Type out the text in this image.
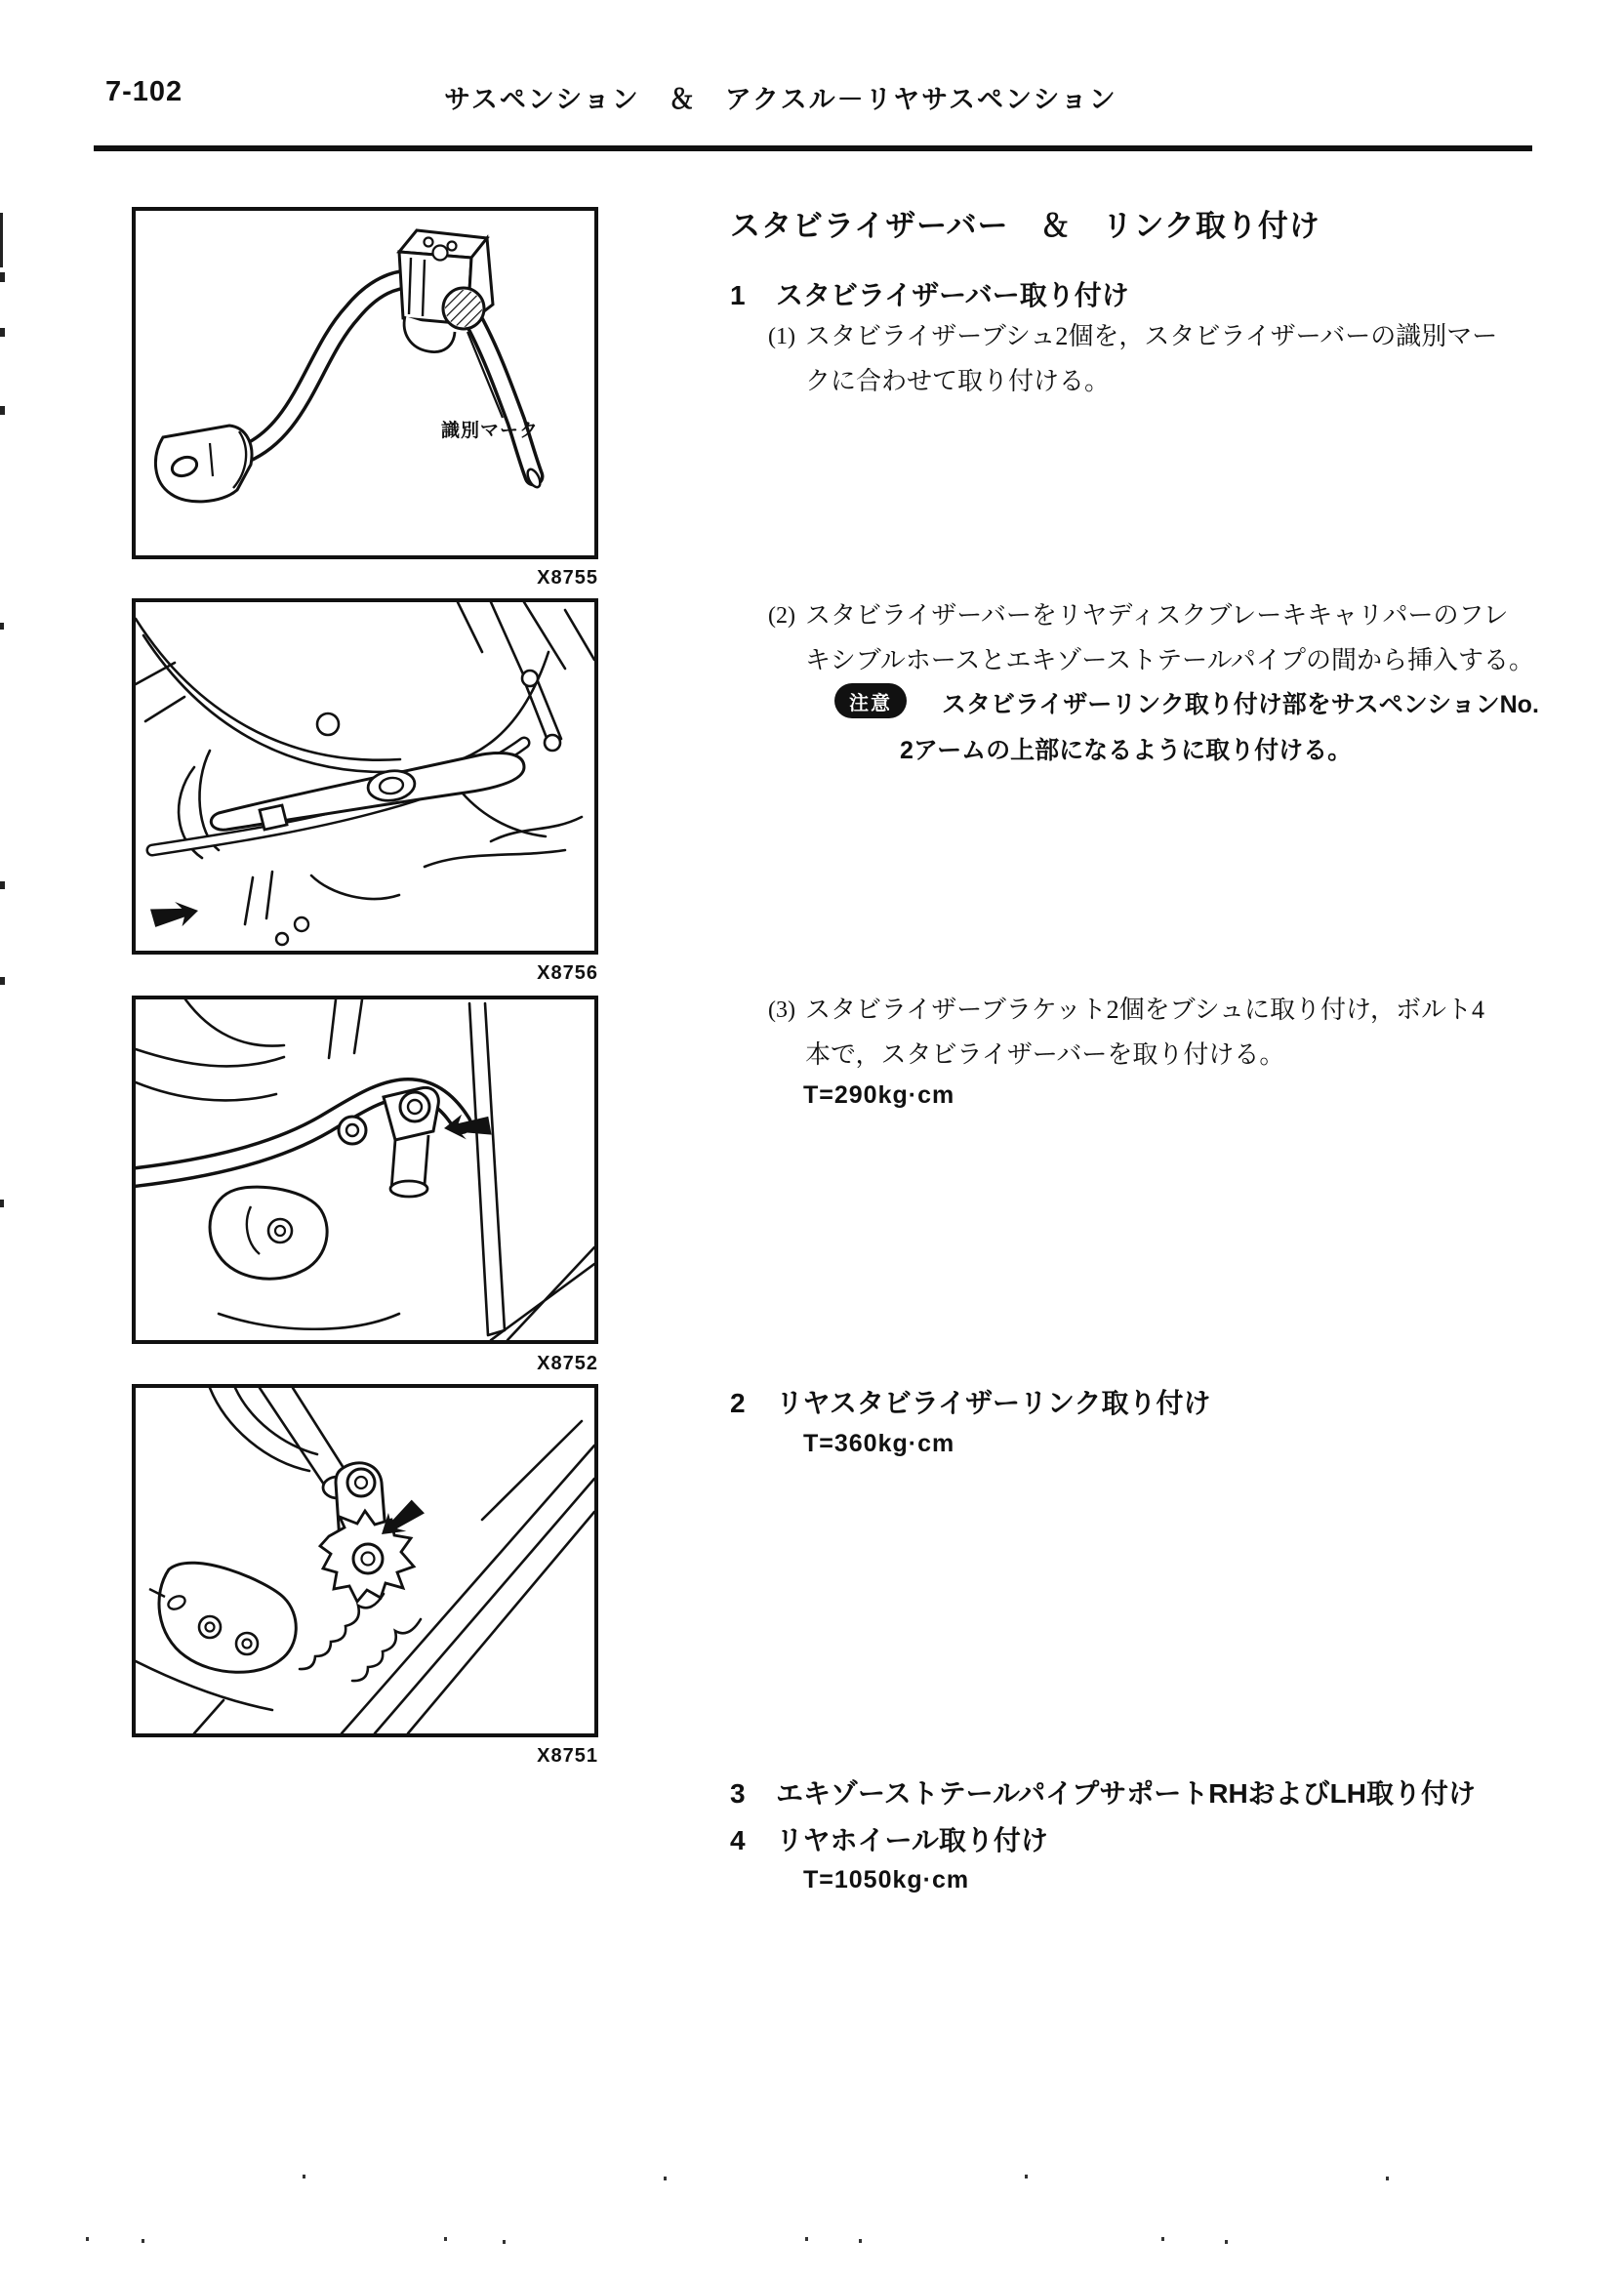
7-102	サスペンション　＆　アクスル－リヤサスペンション
識別マーク
X8755
X8756
X8752
X8751
スタビライザーバー　＆　リンク取り付け
1 スタビライザーバー取り付け
(1) スタビライザーブシュ2個を，スタビライザーバーの識別マー
クに合わせて取り付ける。
(2) スタビライザーバーをリヤディスクブレーキキャリパーのフレ
キシブルホースとエキゾーストテールパイプの間から挿入する。
注意	スタビライザーリンク取り付け部をサスペンションNo.
2アームの上部になるように取り付ける。
(3) スタビライザーブラケット2個をブシュに取り付け，ボルト4
本で，スタビライザーバーを取り付ける。
T=290kg·cm
2 リヤスタビライザーリンク取り付け
T=360kg·cm
3 エキゾーストテールパイプサポートRHおよびLH取り付け
4 リヤホイール取り付け
T=1050kg·cm
